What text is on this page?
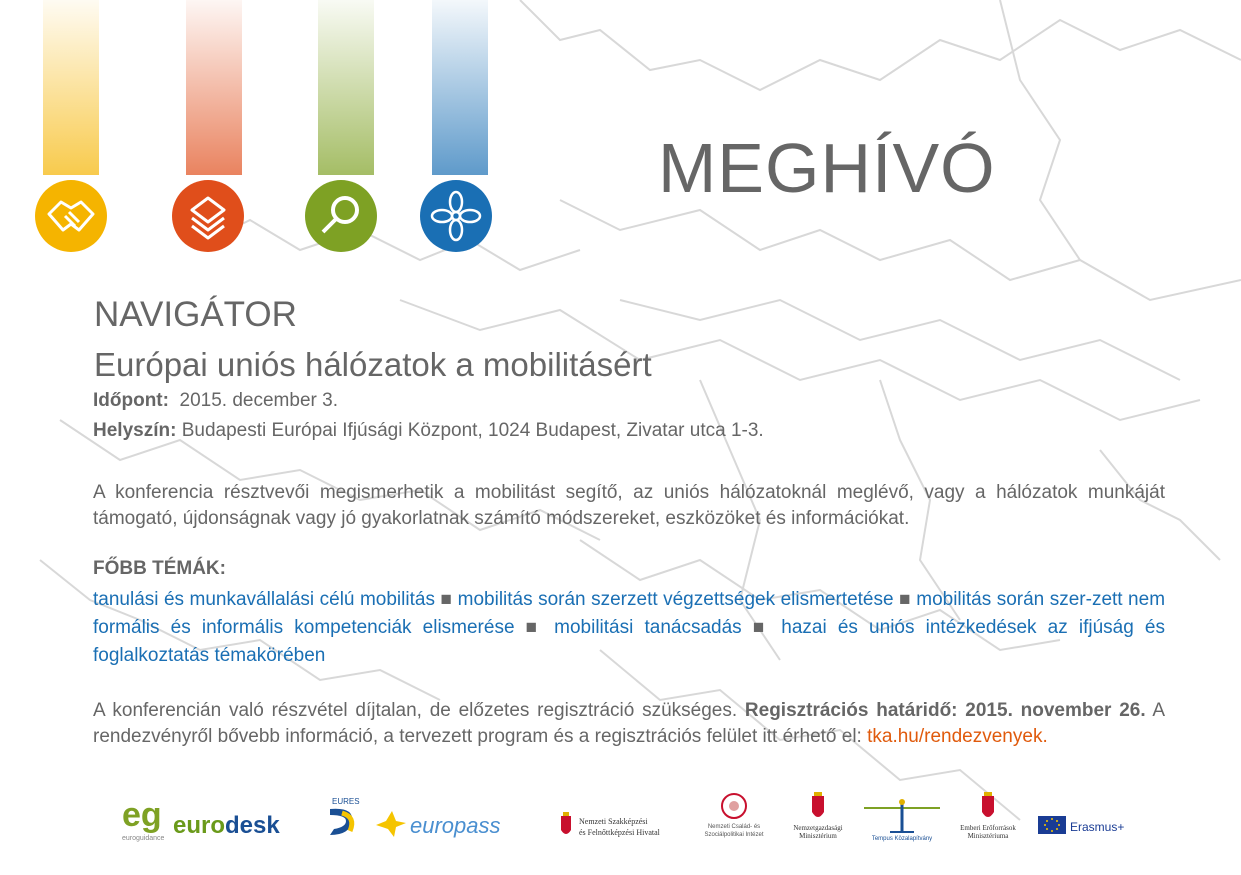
MEGHÍVÓ
NAVIGÁTOR
Európai uniós hálózatok a mobilitásért
Időpont: 2015. december 3.
Helyszín: Budapesti Európai Ifjúsági Központ, 1024 Budapest, Zivatar utca 1-3.

A konferencia résztvevői megismerhetik a mobilitást segítő, az uniós hálózatoknál meglévő, vagy a hálózatok munkáját támogató, újdonságnak vagy jó gyakorlatnak számító módszereket, eszközöket és információkat.

FŐBB TÉMÁK:

tanulási és munkavállalási célú mobilitás ■ mobilitás során szerzett végzettségek elismertetése ■ mobilitás során szer-zett nem formális és informális kompetenciák elismerése ■ mobilitási tanácsadás ■ hazai és uniós intézkedések az ifjúság és foglalkoztatás témakörében

A konferencián való részvétel díjtalan, de előzetes regisztráció szükséges. Regisztrációs határidő: 2015. november 26. A rendezvényről bővebb információ, a tervezett program és a regisztrációs felület itt érhető el: tka.hu/rendezvenyek.

eg
euroguidance eurodesk
EURES
europass	Nemzeti Szakképzési
és Felnőttképzési Hivatal
Nemzeti Család- és
Szociálpolitikai Intézet
Nemzetgazdasági
Minisztérium	Tempus Közalapítvány
Emberi Erőforrások
Minisztériuma
Erasmus+
